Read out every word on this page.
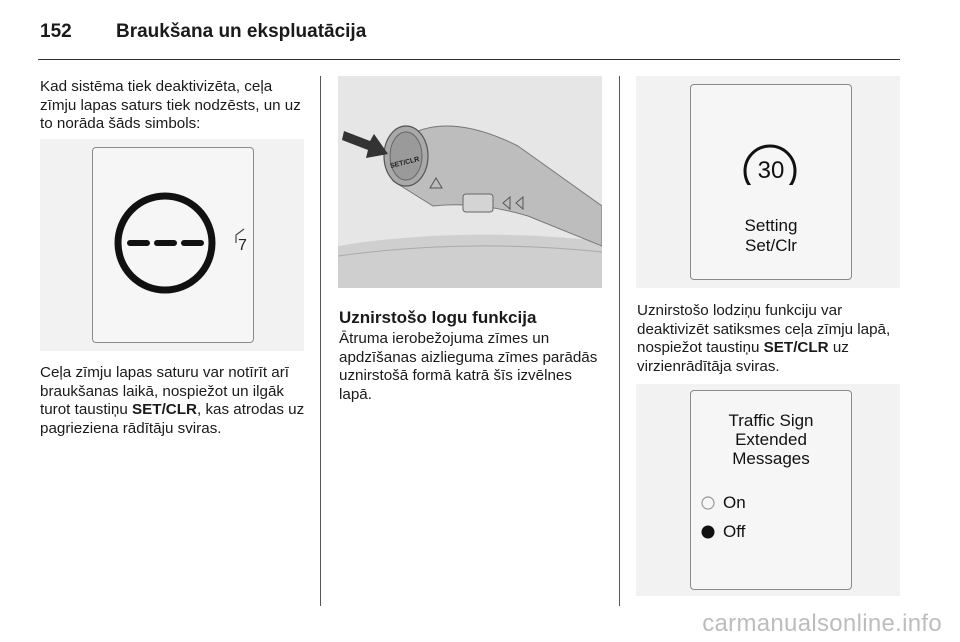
152 Braukšana un ekspluatācija
Kad sistēma tiek deaktivizēta, ceļa zīmju lapas saturs tiek nodzēsts, un uz to norāda šāds simbols:
7
Ceļa zīmju lapas saturu var notīrīt arī braukšanas laikā, nospiežot un ilgāk turot taustiņu SET/CLR, kas atrodas uz pagrieziena rādītāju sviras.
SET/CLR
Uznirstošo logu funkcija
Ātruma ierobežojuma zīmes un apdzīšanas aizlieguma zīmes parādās uznirstošā formā katrā šīs izvēlnes lapā.
30
Setting
Set/Clr
Uznirstošo lodziņu funkciju var deaktivizēt satiksmes ceļa zīmju lapā, nospiežot taustiņu SET/CLR uz virzienrādītāja sviras.
Traffic Sign
Extended
Messages
On
Off
carmanualsonline.info
